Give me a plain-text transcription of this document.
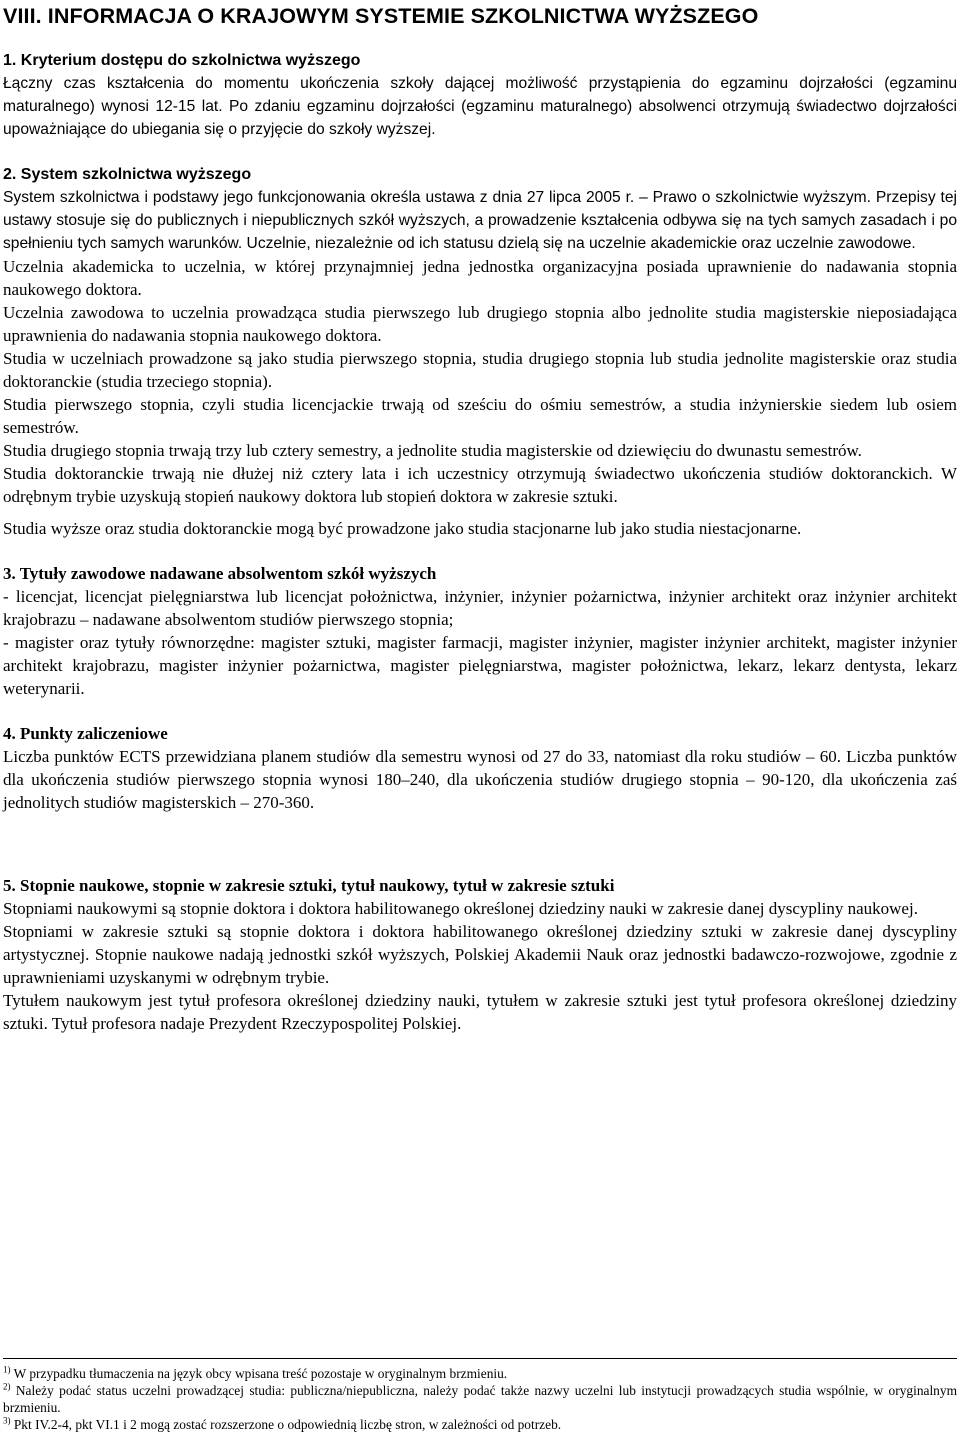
VIII. INFORMACJA O KRAJOWYM SYSTEMIE SZKOLNICTWA WYŻSZEGO
1. Kryterium dostępu do szkolnictwa wyższego

Łączny czas kształcenia do momentu ukończenia szkoły dającej możliwość przystąpienia do egzaminu dojrzałości (egzaminu maturalnego) wynosi 12-15 lat. Po zdaniu egzaminu dojrzałości (egzaminu maturalnego) absolwenci otrzymują świadectwo dojrzałości upoważniające do ubiegania się o przyjęcie do szkoły wyższej.

2. System szkolnictwa wyższego

System szkolnictwa i podstawy jego funkcjonowania określa ustawa z dnia 27 lipca 2005 r. – Prawo o szkolnictwie wyższym. Przepisy tej ustawy stosuje się do publicznych i niepublicznych szkół wyższych, a prowadzenie kształcenia odbywa się na tych samych zasadach i po spełnieniu tych samych warunków. Uczelnie, niezależnie od ich statusu dzielą się na uczelnie akademickie oraz uczelnie zawodowe.

Uczelnia akademicka to uczelnia, w której przynajmniej jedna jednostka organizacyjna posiada uprawnienie do nadawania stopnia naukowego doktora.

Uczelnia zawodowa to uczelnia prowadząca studia pierwszego lub drugiego stopnia albo jednolite studia magisterskie nieposiadająca uprawnienia do nadawania stopnia naukowego doktora.

Studia w uczelniach prowadzone są jako studia pierwszego stopnia, studia drugiego stopnia lub studia jednolite magisterskie oraz studia doktoranckie (studia trzeciego stopnia).

Studia pierwszego stopnia, czyli studia licencjackie trwają od sześciu do ośmiu semestrów, a studia inżynierskie siedem lub osiem semestrów.

Studia drugiego stopnia trwają trzy lub cztery semestry, a jednolite studia magisterskie od dziewięciu do dwunastu semestrów.

Studia doktoranckie trwają nie dłużej niż cztery lata i ich uczestnicy otrzymują świadectwo ukończenia studiów doktoranckich. W odrębnym trybie uzyskują stopień naukowy doktora lub stopień doktora w zakresie sztuki.

Studia wyższe oraz studia doktoranckie mogą być prowadzone jako studia stacjonarne lub jako studia niestacjonarne.

3. Tytuły zawodowe nadawane absolwentom szkół wyższych

- licencjat, licencjat pielęgniarstwa lub licencjat położnictwa, inżynier, inżynier pożarnictwa, inżynier architekt oraz inżynier architekt krajobrazu – nadawane absolwentom studiów pierwszego stopnia;

- magister oraz tytuły równorzędne: magister sztuki, magister farmacji, magister inżynier, magister inżynier architekt, magister inżynier architekt krajobrazu, magister inżynier pożarnictwa, magister pielęgniarstwa, magister położnictwa, lekarz, lekarz dentysta, lekarz weterynarii.

4. Punkty zaliczeniowe

Liczba punktów ECTS przewidziana planem studiów dla semestru wynosi od 27 do 33, natomiast dla roku studiów – 60. Liczba punktów dla ukończenia studiów pierwszego stopnia wynosi 180–240, dla ukończenia studiów drugiego stopnia – 90-120, dla ukończenia zaś jednolitych studiów magisterskich – 270-360.

5. Stopnie naukowe, stopnie w zakresie sztuki, tytuł naukowy, tytuł w zakresie sztuki

Stopniami naukowymi są stopnie doktora i doktora habilitowanego określonej dziedziny nauki w zakresie danej dyscypliny naukowej.

Stopniami w zakresie sztuki są stopnie doktora i doktora habilitowanego określonej dziedziny sztuki w zakresie danej dyscypliny artystycznej. Stopnie naukowe nadają jednostki szkół wyższych, Polskiej Akademii Nauk oraz jednostki badawczo-rozwojowe, zgodnie z uprawnieniami uzyskanymi w odrębnym trybie.

Tytułem naukowym jest tytuł profesora określonej dziedziny nauki, tytułem w zakresie sztuki jest tytuł profesora określonej dziedziny sztuki. Tytuł profesora nadaje Prezydent Rzeczypospolitej Polskiej.

$^{1)}$ W przypadku tłumaczenia na język obcy wpisana treść pozostaje w oryginalnym brzmieniu.

$^{2)}$ Należy podać status uczelni prowadzącej studia: publiczna/niepubliczna, należy podać także nazwy uczelni lub instytucji prowadzących studia wspólnie, w oryginalnym brzmieniu.

$^{3)}$ Pkt IV.2-4, pkt VI.1 i 2 mogą zostać rozszerzone o odpowiednią liczbę stron, w zależności od potrzeb.
